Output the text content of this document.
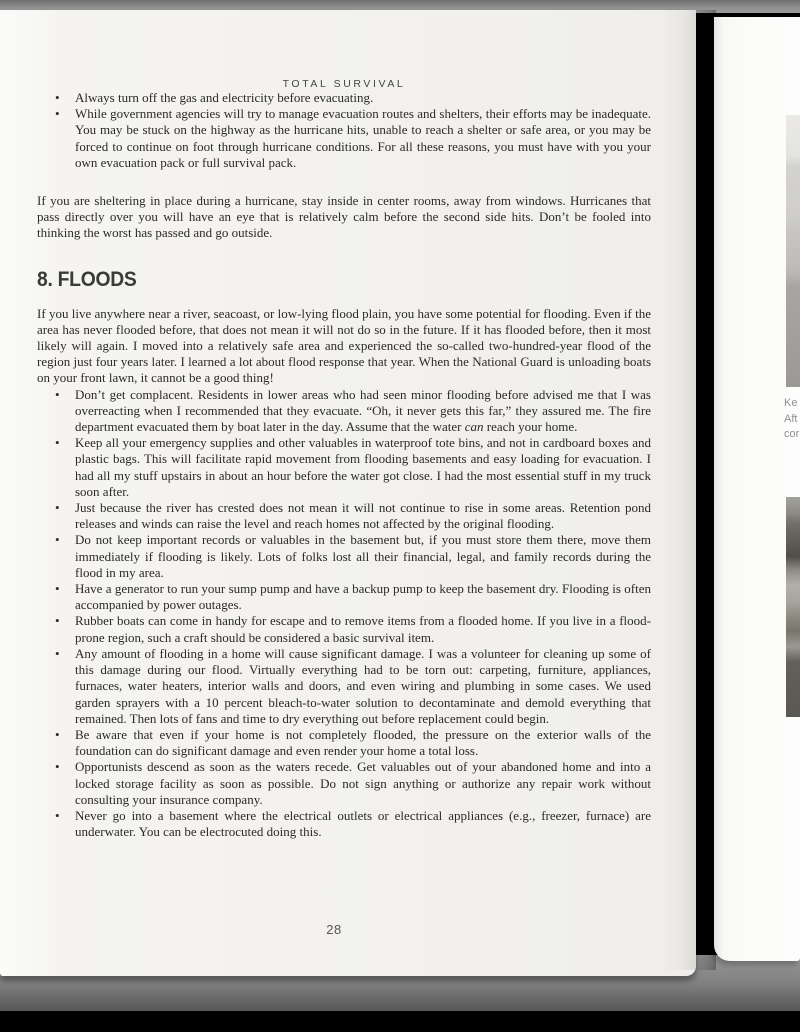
TOTAL SURVIVAL
• Always turn off the gas and electricity before evacuating.
• While government agencies will try to manage evacuation routes and shelters, their efforts may be inadequate. You may be stuck on the highway as the hurricane hits, unable to reach a shelter or safe area, or you may be forced to continue on foot through hurricane conditions. For all these reasons, you must have with you your own evacuation pack or full survival pack.

If you are sheltering in place during a hurricane, stay inside in center rooms, away from windows. Hurricanes that pass directly over you will have an eye that is relatively calm before the second side hits. Don’t be fooled into thinking the worst has passed and go outside.

8. FLOODS

If you live anywhere near a river, seacoast, or low-lying flood plain, you have some potential for flooding. Even if the area has never flooded before, that does not mean it will not do so in the future. If it has flooded before, then it most likely will again. I moved into a relatively safe area and experienced the so-called two-hundred-year flood of the region just four years later. I learned a lot about flood response that year. When the National Guard is unloading boats on your front lawn, it cannot be a good thing!

• Don’t get complacent. Residents in lower areas who had seen minor flooding before advised me that I was overreacting when I recommended that they evacuate. “Oh, it never gets this far,” they assured me. The fire department evacuated them by boat later in the day. Assume that the water can reach your home.
• Keep all your emergency supplies and other valuables in waterproof tote bins, and not in cardboard boxes and plastic bags. This will facilitate rapid movement from flooding basements and easy loading for evacuation. I had all my stuff upstairs in about an hour before the water got close. I had the most essential stuff in my truck soon after.
• Just because the river has crested does not mean it will not continue to rise in some areas. Retention pond releases and winds can raise the level and reach homes not affected by the original flooding.
• Do not keep important records or valuables in the basement but, if you must store them there, move them immediately if flooding is likely. Lots of folks lost all their financial, legal, and family records during the flood in my area.
• Have a generator to run your sump pump and have a backup pump to keep the basement dry. Flooding is often accompanied by power outages.
• Rubber boats can come in handy for escape and to remove items from a flooded home. If you live in a flood-prone region, such a craft should be considered a basic survival item.
• Any amount of flooding in a home will cause significant damage. I was a volunteer for cleaning up some of this damage during our flood. Virtually everything had to be torn out: carpeting, furniture, appliances, furnaces, water heaters, interior walls and doors, and even wiring and plumbing in some cases. We used garden sprayers with a 10 percent bleach-to-water solution to decontaminate and demold everything that remained. Then lots of fans and time to dry everything out before replacement could begin.
• Be aware that even if your home is not completely flooded, the pressure on the exterior walls of the foundation can do significant damage and even render your home a total loss.
• Opportunists descend as soon as the waters recede. Get valuables out of your abandoned home and into a locked storage facility as soon as possible. Do not sign anything or authorize any repair work without consulting your insurance company.
• Never go into a basement where the electrical outlets or electrical appliances (e.g., freezer, furnace) are underwater. You can be electrocuted doing this.
28
Ke
Aft
cor
